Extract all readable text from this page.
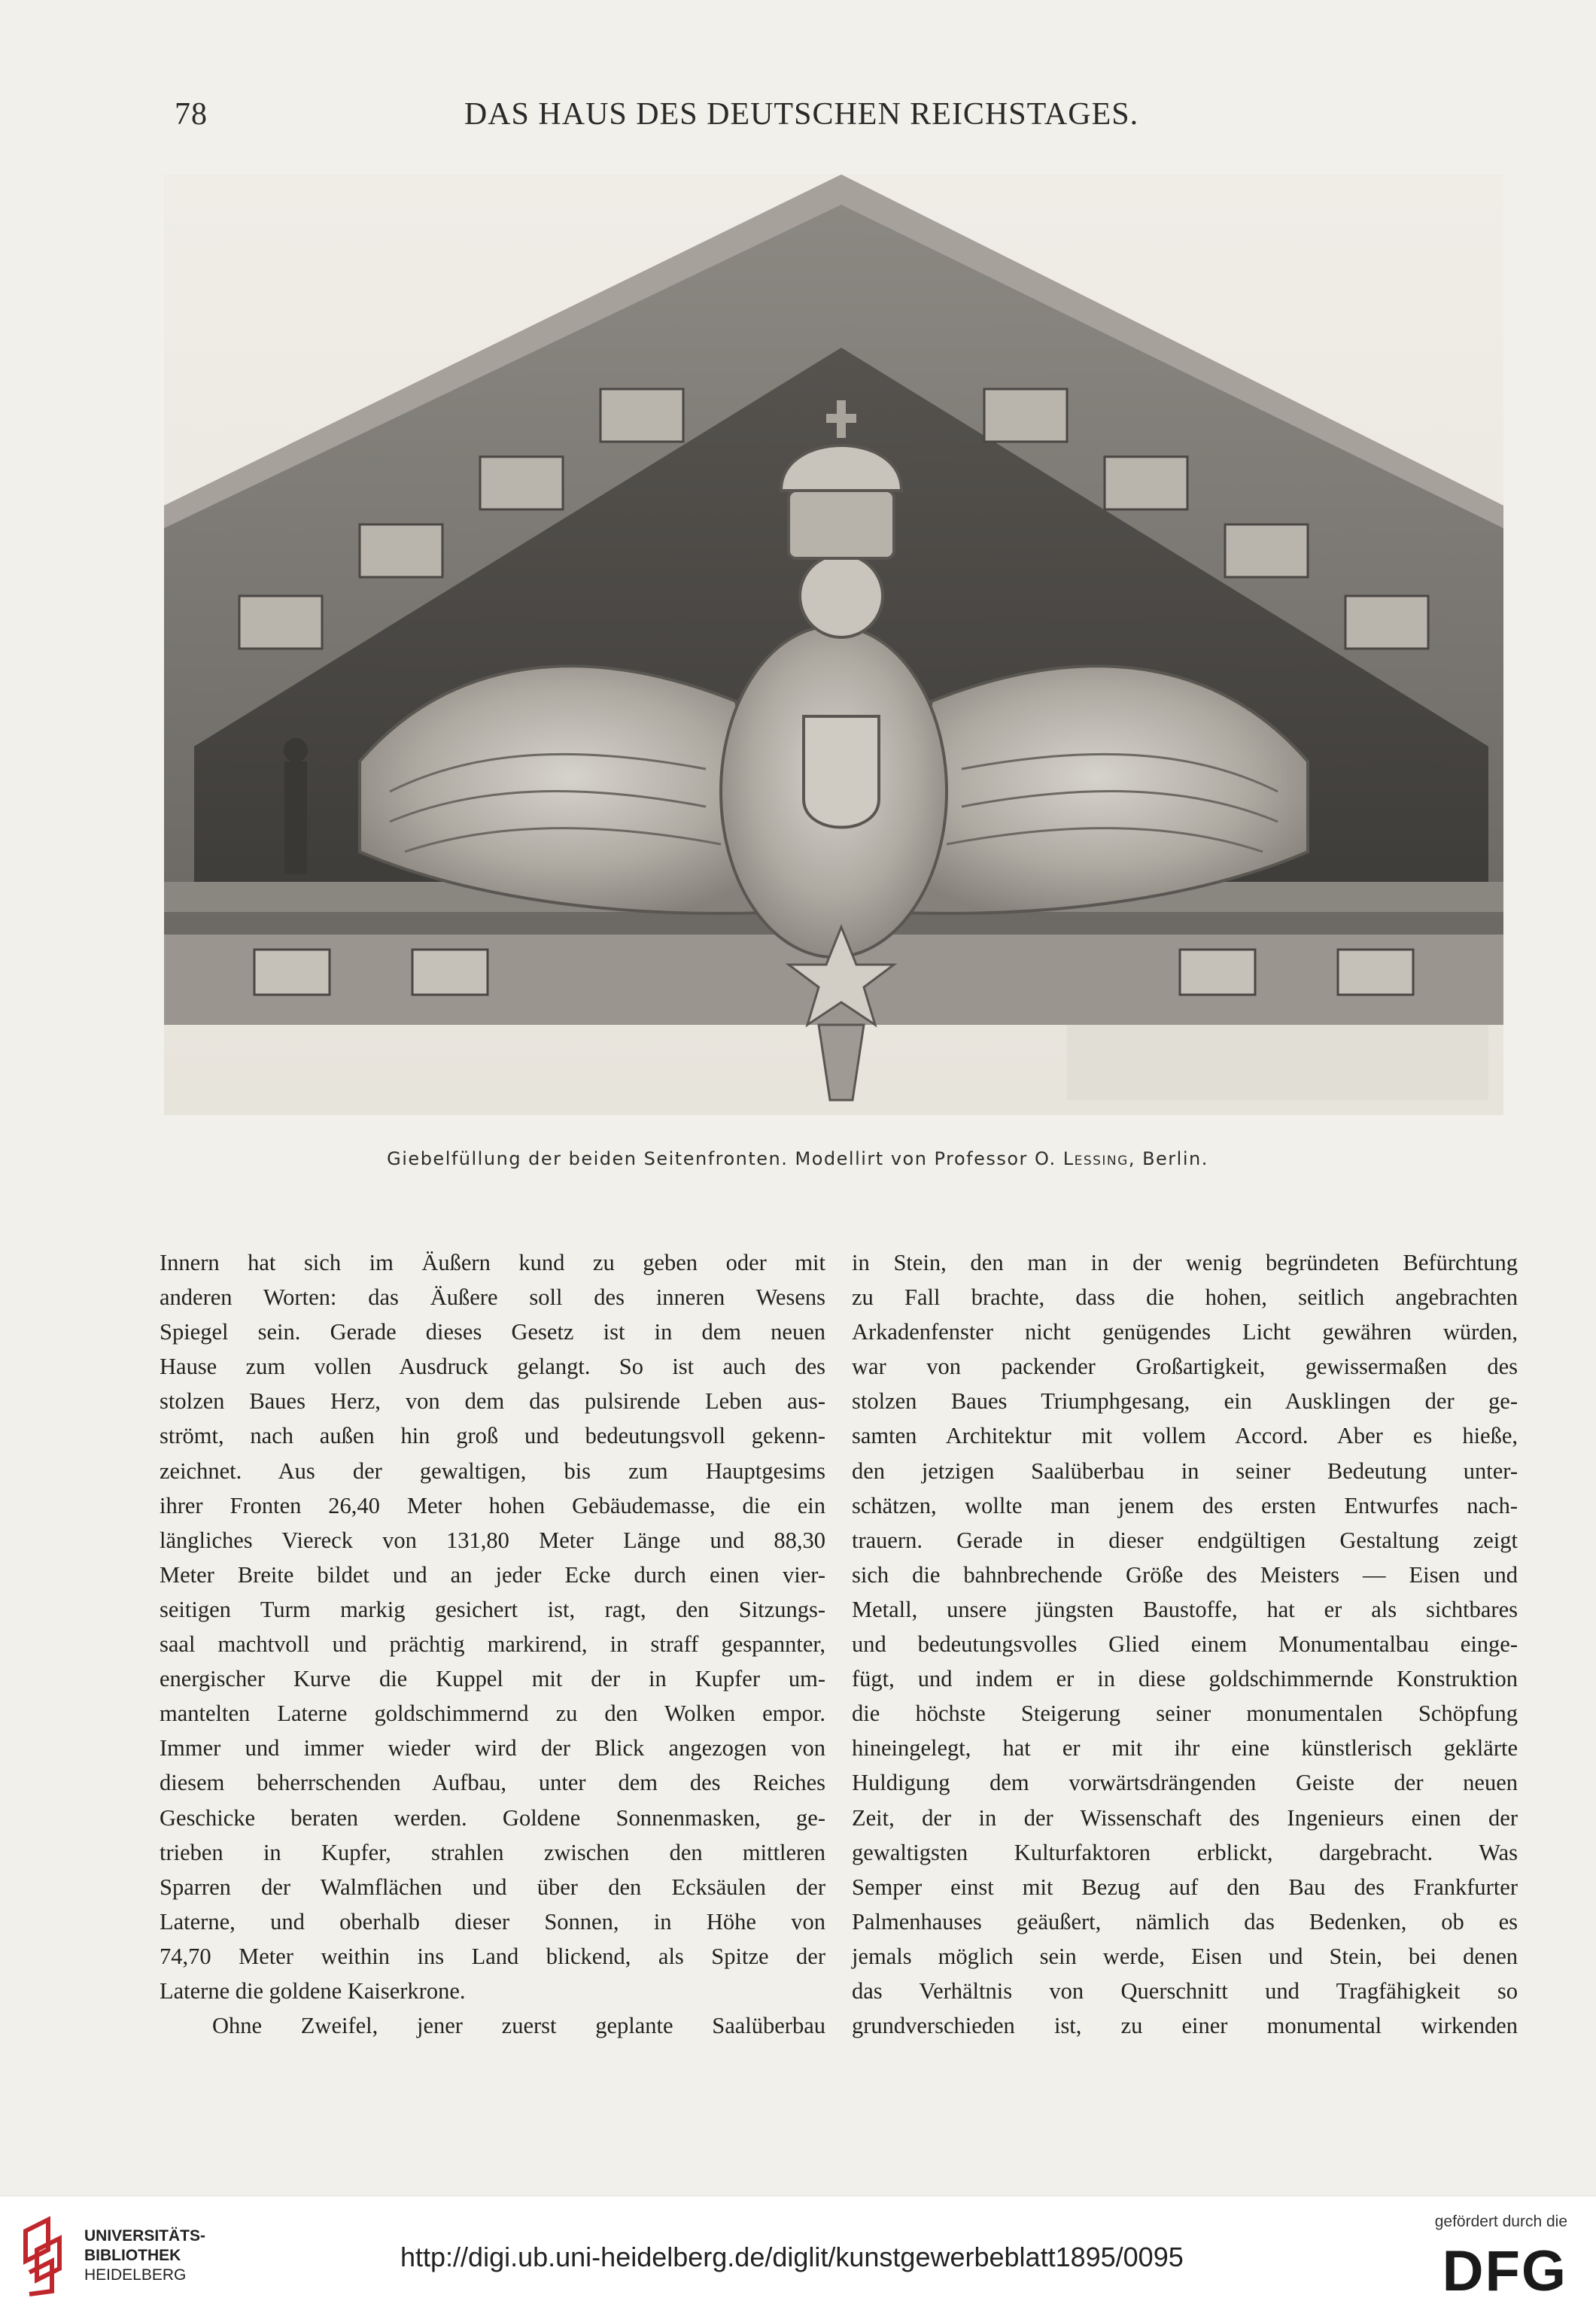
78	DAS HAUS DES DEUTSCHEN REICHSTAGES.
Giebelfüllung der beiden Seitenfronten. Modellirt von Professor O. Lessing, Berlin.
Innern hat sich im Äußern kund zu geben oder mit
anderen Worten: das Äußere soll des inneren Wesens
Spiegel sein. Gerade dieses Gesetz ist in dem neuen
Hause zum vollen Ausdruck gelangt. So ist auch des
stolzen Baues Herz, von dem das pulsirende Leben aus-
strömt, nach außen hin groß und bedeutungsvoll gekenn-
zeichnet. Aus der gewaltigen, bis zum Hauptgesims
ihrer Fronten 26,40 Meter hohen Gebäudemasse, die ein
längliches Viereck von 131,80 Meter Länge und 88,30
Meter Breite bildet und an jeder Ecke durch einen vier-
seitigen Turm markig gesichert ist, ragt, den Sitzungs-
saal machtvoll und prächtig markirend, in straff gespannter,
energischer Kurve die Kuppel mit der in Kupfer um-
mantelten Laterne goldschimmernd zu den Wolken empor.
Immer und immer wieder wird der Blick angezogen von
diesem beherrschenden Aufbau, unter dem des Reiches
Geschicke beraten werden. Goldene Sonnenmasken, ge-
trieben in Kupfer, strahlen zwischen den mittleren
Sparren der Walmflächen und über den Ecksäulen der
Laterne, und oberhalb dieser Sonnen, in Höhe von
74,70 Meter weithin ins Land blickend, als Spitze der
Laterne die goldene Kaiserkrone.
Ohne Zweifel, jener zuerst geplante Saalüberbau
in Stein, den man in der wenig begründeten Befürchtung
zu Fall brachte, dass die hohen, seitlich angebrachten
Arkadenfenster nicht genügendes Licht gewähren würden,
war von packender Großartigkeit, gewissermaßen des
stolzen Baues Triumphgesang, ein Ausklingen der ge-
samten Architektur mit vollem Accord. Aber es hieße,
den jetzigen Saalüberbau in seiner Bedeutung unter-
schätzen, wollte man jenem des ersten Entwurfes nach-
trauern. Gerade in dieser endgültigen Gestaltung zeigt
sich die bahnbrechende Größe des Meisters — Eisen und
Metall, unsere jüngsten Baustoffe, hat er als sichtbares
und bedeutungsvolles Glied einem Monumentalbau einge-
fügt, und indem er in diese goldschimmernde Konstruktion
die höchste Steigerung seiner monumentalen Schöpfung
hineingelegt, hat er mit ihr eine künstlerisch geklärte
Huldigung dem vorwärtsdrängenden Geiste der neuen
Zeit, der in der Wissenschaft des Ingenieurs einen der
gewaltigsten Kulturfaktoren erblickt, dargebracht. Was
Semper einst mit Bezug auf den Bau des Frankfurter
Palmenhauses geäußert, nämlich das Bedenken, ob es
jemals möglich sein werde, Eisen und Stein, bei denen
das Verhältnis von Querschnitt und Tragfähigkeit so
grundverschieden ist, zu einer monumental wirkenden
UNIVERSITÄTS-
BIBLIOTHEK
HEIDELBERG
http://digi.ub.uni-heidelberg.de/diglit/kunstgewerbeblatt1895/0095
gefördert durch die
DFG
